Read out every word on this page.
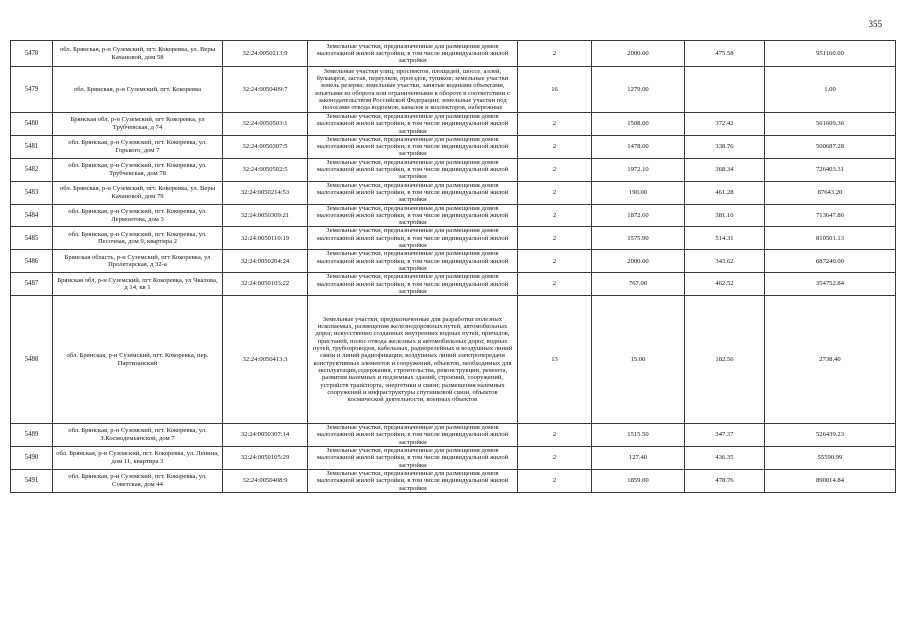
355
5478	обл. Брянская, р-н Суземский, пгт. Кокоревка, ул. Веры Качановой, дом 58	32:24:0050213:9	Земельные участки, предназначенные для размещения домов малоэтажной жилой застройки, в том числе индивидуальной жилой застройки	2	2000.00	475.58	951160.00
5479	обл. Брянская, р-н Суземский, пгт. Кокоревка	32:24:0050409:7	Земельные участки улиц, проспектов, площадей, шоссе, аллей, бульваров, застав, переулков, проездов, тупиков; земельные участки земель резерва; земельные участки, занятые водными объектами, изъятыми из оборота или ограниченными в обороте в соответствии с законодательством Российской Федерации; земельные участки под полосами отвода водоемов, каналов и коллекторов, набережные	16	1279.00		1.00
5480	Брянская обл, р-н Суземский, пгт Кокоревка, ул Трубчевская, д 74	32:24:0050503:1	Земельные участки, предназначенные для размещения домов малоэтажной жилой застройки, в том числе индивидуальной жилой застройки	2	1508.00	372.42	561609.36
5481	обл. Брянская, р-н Суземский, пгт. Кокоревка, ул. Горького, дом 7	32:24:0050307:5	Земельные участки, предназначенные для размещения домов малоэтажной жилой застройки, в том числе индивидуальной жилой застройки	2	1478.00	338.76	500687.28
5482	обл. Брянская, р-н Суземский, пгт. Кокоревка, ул. Трубчевская, дом 78	32:24:0050502:5	Земельные участки, предназначенные для размещения домов малоэтажной жилой застройки, в том числе индивидуальной жилой застройки	2	1972.10	368.34	726403.31
5483	обл. Брянская, р-н Суземский, пгт. Кокоревка, ул. Веры Качановой, дом 79	32:24:0050214:53	Земельные участки, предназначенные для размещения домов малоэтажной жилой застройки, в том числе индивидуальной жилой застройки	2	190.00	461.28	87643.20
5484	обл. Брянская, р-н Суземский, пгт. Кокоревка, ул. Лермонтова, дом 3	32:24:0050309:21	Земельные участки, предназначенные для размещения домов малоэтажной жилой застройки, в том числе индивидуальной жилой застройки	2	1872.60	381.10	713647.86
5485	обл. Брянская, р-н Суземский, пгт. Кокоревка, ул. Песочная, дом 9, квартира 2	32:24:0050110:19	Земельные участки, предназначенные для размещения домов малоэтажной жилой застройки, в том числе индивидуальной жилой застройки	2	1575.90	514.31	810501.13
5486	Брянская область, р-н Суземский, пгт Кокоревка, ул Пролетарская, д 32-а	32:24:0050204:24	Земельные участки, предназначенные для размещения домов малоэтажной жилой застройки, в том числе индивидуальной жилой застройки	2	2000.00	343.62	687240.00
5487	Брянская обл, р-н Суземский, пгт Кокоревка, ул Чкалова, д 14, кв 1	32:24:0050103:22	Земельные участки, предназначенные для размещения домов малоэтажной жилой застройки, в том числе индивидуальной жилой застройки	2	767.00	462.52	354752.84
5488	обл. Брянская, р-н Суземский, пгт. Кокоревка, пер. Партизанский	32:24:0050413:3	Земельные участки, предназначенные для разработки полезных ископаемых, размещения железнодорожных путей, автомобильных дорог, искусственно созданных внутренних водных путей, причалов, пристаней, полос отвода железных и автомобильных дорог, водных путей, трубопроводов, кабельных, радиорелейных и воздушных линий связи и линий радиофикации, воздушных линий электропередачи конструктивных элементов и сооружений, объектов, необходимых для эксплуатации,содержания, строительства, реконструкции, ремонта, развития наземных и подземных зданий, строений, сооружений, устройств транспорта, энергетики и связи; размещения наземных сооружений и инфраструктуры спутниковой связи, объектов космической деятельности, военных объектов	13	15.00	182.56	2738.40
5489	обл. Брянская, р-н Суземский, пгт. Кокоревка, ул. З.Космодемьянской, дом 7	32:24:0050307:14	Земельные участки, предназначенные для размещения домов малоэтажной жилой застройки, в том числе индивидуальной жилой застройки	2	1515.50	347.37	526439.23
5490	обл. Брянская, р-н Суземский, пгт. Кокоревка, ул. Ленина, дом 11, квартира 3	32:24:0050105:29	Земельные участки, предназначенные для размещения домов малоэтажной жилой застройки, в том числе индивидуальной жилой застройки	2	127.40	436.35	55590.99
5491	обл. Брянская, р-н Суземский, пгт. Кокоревка, ул. Советская, дом 44	32:24:0050408:9	Земельные участки, предназначенные для размещения домов малоэтажной жилой застройки, в том числе индивидуальной жилой застройки	2	1859.00	478.76	890014.84
